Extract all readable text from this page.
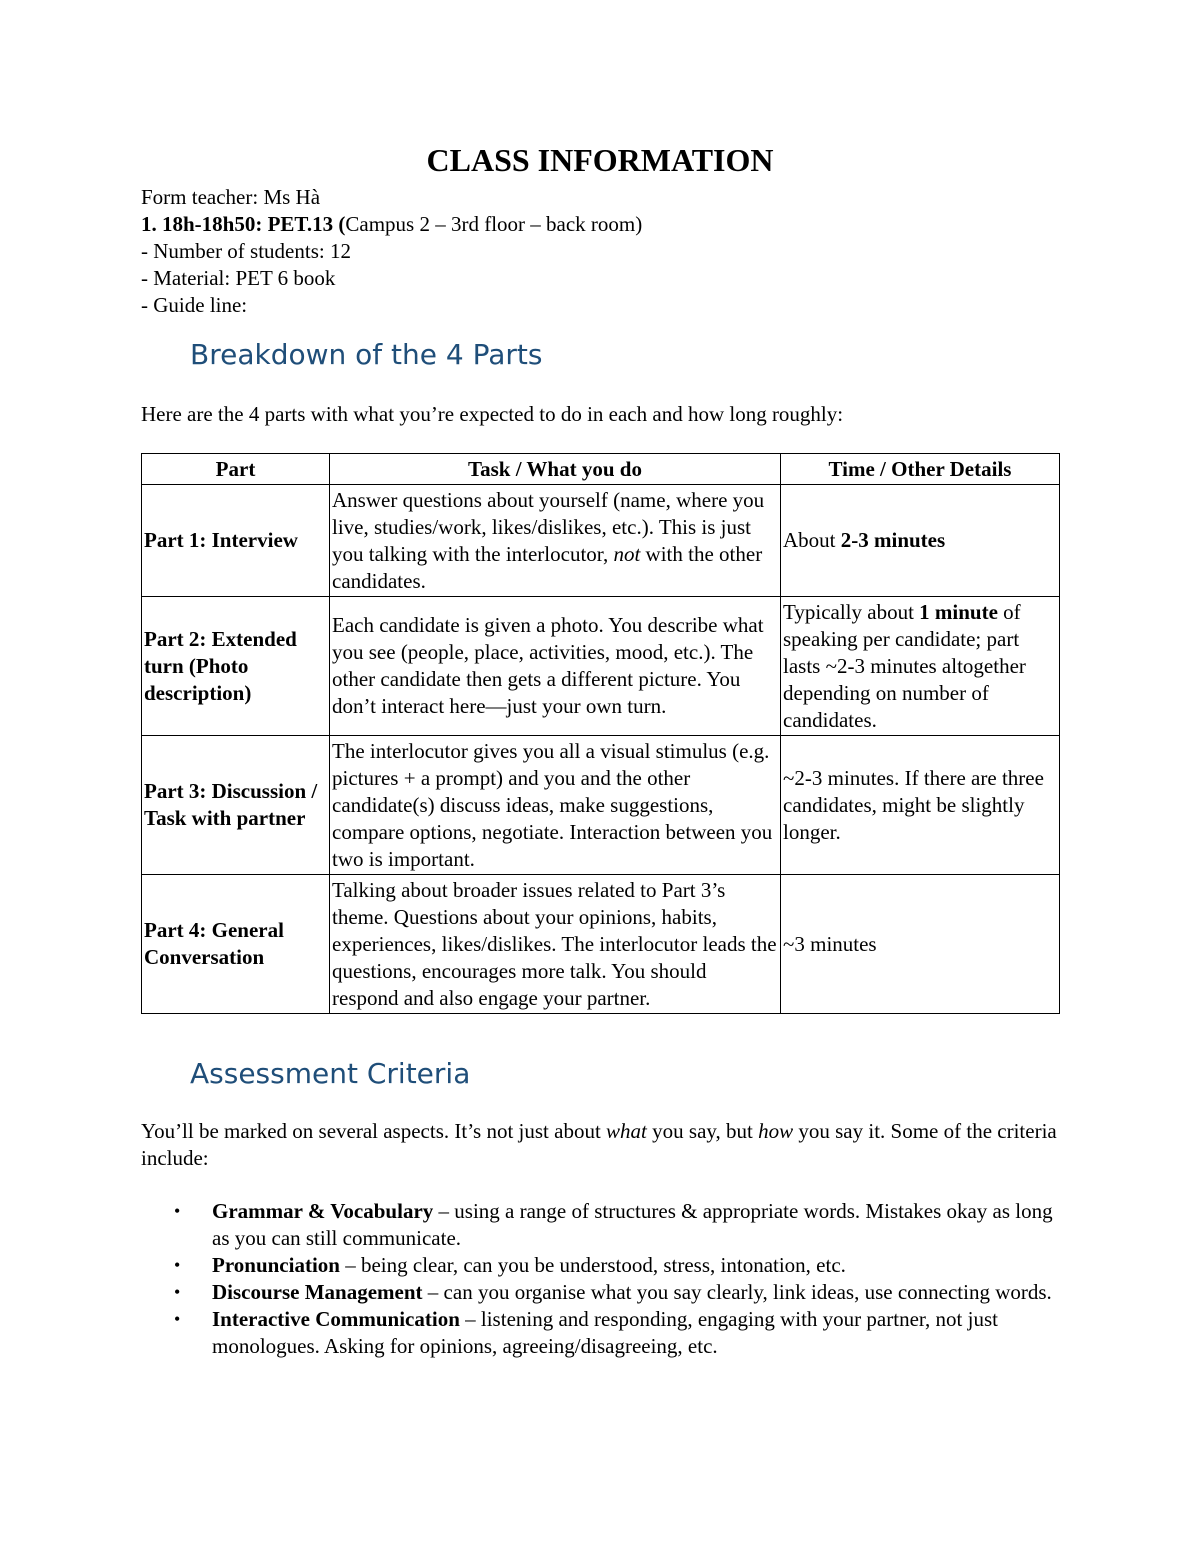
CLASS INFORMATION

Form teacher: Ms Hà

1. 18h-18h50: PET.13 (Campus 2 – 3rd floor – back room)

- Number of students: 12

- Material: PET 6 book

- Guide line:

Breakdown of the 4 Parts

Here are the 4 parts with what you’re expected to do in each and how long roughly:

Part	Task / What you do	Time / Other Details
Part 1: Interview	Answer questions about yourself (name, where you live, studies/work, likes/dislikes, etc.). This is just you talking with the interlocutor, not with the other candidates.	About 2-3 minutes
Part 2: Extended turn (Photo description)	Each candidate is given a photo. You describe what you see (people, place, activities, mood, etc.). The other candidate then gets a different picture. You don’t interact here—just your own turn.	Typically about 1 minute of speaking per candidate; part lasts ~2-3 minutes altogether depending on number of candidates.
Part 3: Discussion / Task with partner	The interlocutor gives you all a visual stimulus (e.g. pictures + a prompt) and you and the other candidate(s) discuss ideas, make suggestions, compare options, negotiate. Interaction between you two is important.	~2-3 minutes. If there are three candidates, might be slightly longer.
Part 4: General Conversation	Talking about broader issues related to Part 3’s theme. Questions about your opinions, habits, experiences, likes/dislikes. The interlocutor leads the questions, encourages more talk. You should respond and also engage your partner.	~3 minutes
Assessment Criteria

You’ll be marked on several aspects. It’s not just about what you say, but how you say it. Some of the criteria include:

• Grammar & Vocabulary – using a range of structures & appropriate words. Mistakes okay as long as you can still communicate.
• Pronunciation – being clear, can you be understood, stress, intonation, etc.
• Discourse Management – can you organise what you say clearly, link ideas, use connecting words.
• Interactive Communication – listening and responding, engaging with your partner, not just monologues. Asking for opinions, agreeing/disagreeing, etc.
